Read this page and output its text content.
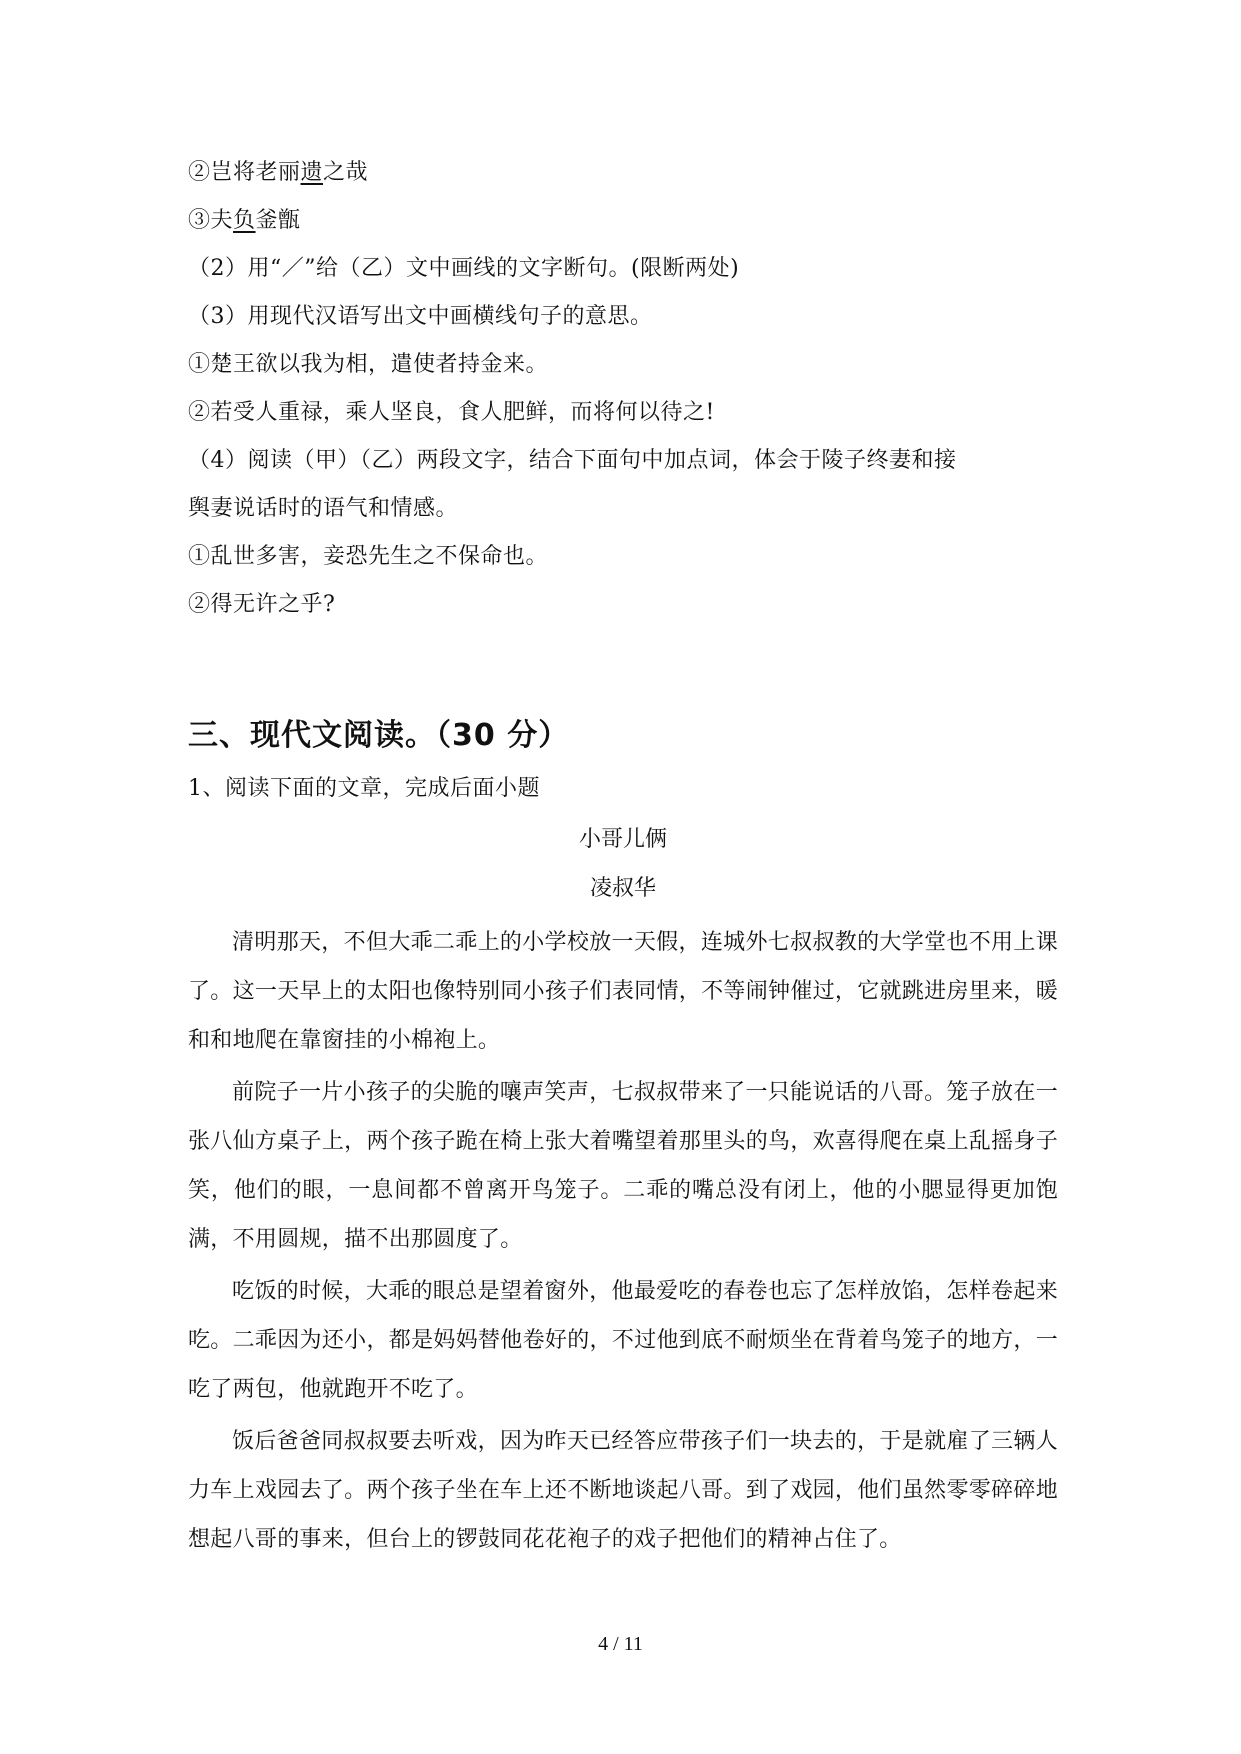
②岂将老丽遗之哉
③夫负釜甑
（2）用“／”给（乙）文中画线的文字断句。(限断两处)
（3）用现代汉语写出文中画横线句子的意思。
①楚王欲以我为相，遣使者持金来。
②若受人重禄，乘人坚良，食人肥鲜，而将何以待之!
（4）阅读（甲）（乙）两段文字，结合下面句中加点词，体会于陵子终妻和接
舆妻说话时的语气和情感。
①乱世多害，妾恐先生之不保命也。
②得无许之乎?
三、现代文阅读。（30 分）
1、阅读下面的文章，完成后面小题
小哥儿俩
凌叔华
清明那天，不但大乖二乖上的小学校放一天假，连城外七叔叔教的大学堂也不用上课了。这一天早上的太阳也像特别同小孩子们表同情，不等闹钟催过，它就跳进房里来，暖和和地爬在靠窗挂的小棉袍上。
前院子一片小孩子的尖脆的嚷声笑声，七叔叔带来了一只能说话的八哥。笼子放在一张八仙方桌子上，两个孩子跪在椅上张大着嘴望着那里头的鸟，欢喜得爬在桌上乱摇身子笑，他们的眼，一息间都不曾离开鸟笼子。二乖的嘴总没有闭上，他的小腮显得更加饱满，不用圆规，描不出那圆度了。
吃饭的时候，大乖的眼总是望着窗外，他最爱吃的春卷也忘了怎样放馅，怎样卷起来吃。二乖因为还小，都是妈妈替他卷好的，不过他到底不耐烦坐在背着鸟笼子的地方，一吃了两包，他就跑开不吃了。
饭后爸爸同叔叔要去听戏，因为昨天已经答应带孩子们一块去的，于是就雇了三辆人力车上戏园去了。两个孩子坐在车上还不断地谈起八哥。到了戏园，他们虽然零零碎碎地想起八哥的事来，但台上的锣鼓同花花袍子的戏子把他们的精神占住了。
4 / 11
